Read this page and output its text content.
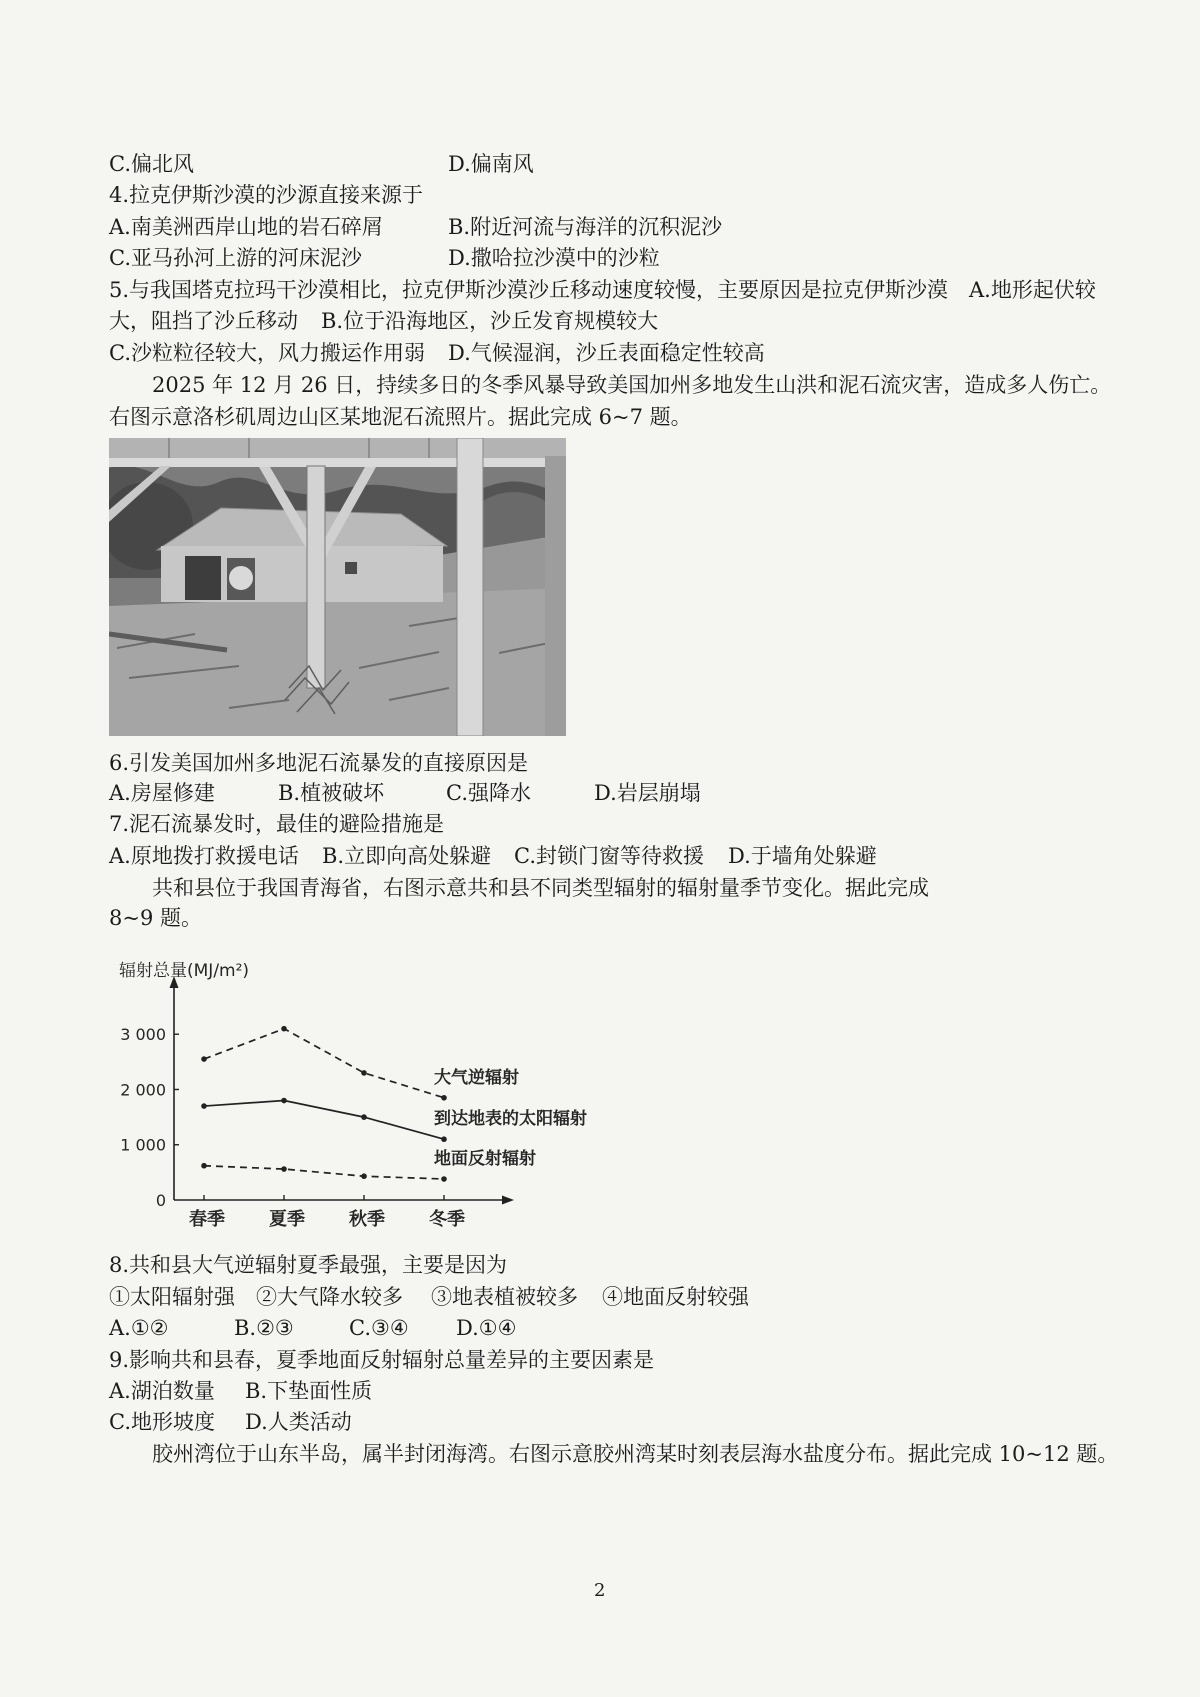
C.偏北风	D.偏南风
4.拉克伊斯沙漠的沙源直接来源于
A.南美洲西岸山地的岩石碎屑	B.附近河流与海洋的沉积泥沙
C.亚马孙河上游的河床泥沙	D.撒哈拉沙漠中的沙粒
5.与我国塔克拉玛干沙漠相比，拉克伊斯沙漠沙丘移动速度较慢，主要原因是拉克伊斯沙漠 A.地形起伏较
大，阻挡了沙丘移动 B.位于沿海地区，沙丘发育规模较大
C.沙粒粒径较大，风力搬运作用弱 D.气候湿润，沙丘表面稳定性较高
2025 年 12 月 26 日，持续多日的冬季风暴导致美国加州多地发生山洪和泥石流灾害，造成多人伤亡。
右图示意洛杉矶周边山区某地泥石流照片。据此完成 6~7 题。
6.引发美国加州多地泥石流暴发的直接原因是
A.房屋修建	B.植被破坏	C.强降水	D.岩层崩塌
7.泥石流暴发时，最佳的避险措施是
A.原地拨打救援电话 B.立即向高处躲避 C.封锁门窗等待救援 D.于墙角处躲避
共和县位于我国青海省，右图示意共和县不同类型辐射的辐射量季节变化。据此完成
8~9 题。
辐射总量(MJ/m²)
0
1 000
2 000
3 000
春季 夏季 秋季 冬季
大气逆辐射
到达地表的太阳辐射
地面反射辐射
8.共和县大气逆辐射夏季最强，主要是因为
①太阳辐射强 ②大气降水较多 ③地表植被较多 ④地面反射较强
A.①②	B.②③	C.③④ D.①④
9.影响共和县春，夏季地面反射辐射总量差异的主要因素是
A.湖泊数量 B.下垫面性质
C.地形坡度 D.人类活动
胶州湾位于山东半岛，属半封闭海湾。右图示意胶州湾某时刻表层海水盐度分布。据此完成 10~12 题。
2
